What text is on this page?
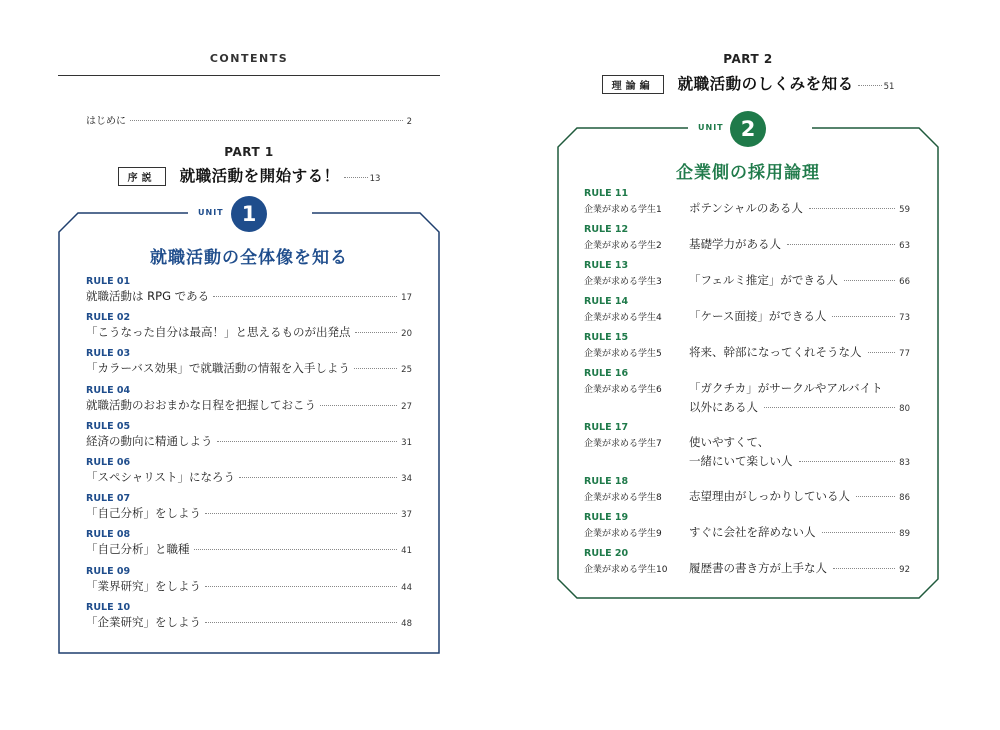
CONTENTS
はじめに	2
PART 1
序説	就職活動を開始する！	13
UNIT 1
就職活動の全体像を知る
RULE 01
就職活動は RPG である	17
RULE 02
「こうなった自分は最高！」と思えるものが出発点	20
RULE 03
「カラーバス効果」で就職活動の情報を入手しよう	25
RULE 04
就職活動のおおまかな日程を把握しておこう	27
RULE 05
経済の動向に精通しよう	31
RULE 06
「スペシャリスト」になろう	34
RULE 07
「自己分析」をしよう	37
RULE 08
「自己分析」と職種	41
RULE 09
「業界研究」をしよう	44
RULE 10
「企業研究」をしよう	48
PART 2
理論編	就職活動のしくみを知る	51
UNIT 2
企業側の採用論理
RULE 11
企業が求める学生1	ポテンシャルのある人	59
RULE 12
企業が求める学生2	基礎学力がある人	63
RULE 13
企業が求める学生3	「フェルミ推定」ができる人	66
RULE 14
企業が求める学生4	「ケース面接」ができる人	73
RULE 15
企業が求める学生5	将来、幹部になってくれそうな人	77
RULE 16
企業が求める学生6	「ガクチカ」がサークルやアルバイト
以外にある人	80
RULE 17
企業が求める学生7	使いやすくて、
一緒にいて楽しい人	83
RULE 18
企業が求める学生8	志望理由がしっかりしている人	86
RULE 19
企業が求める学生9	すぐに会社を辞めない人	89
RULE 20
企業が求める学生10	履歴書の書き方が上手な人	92
